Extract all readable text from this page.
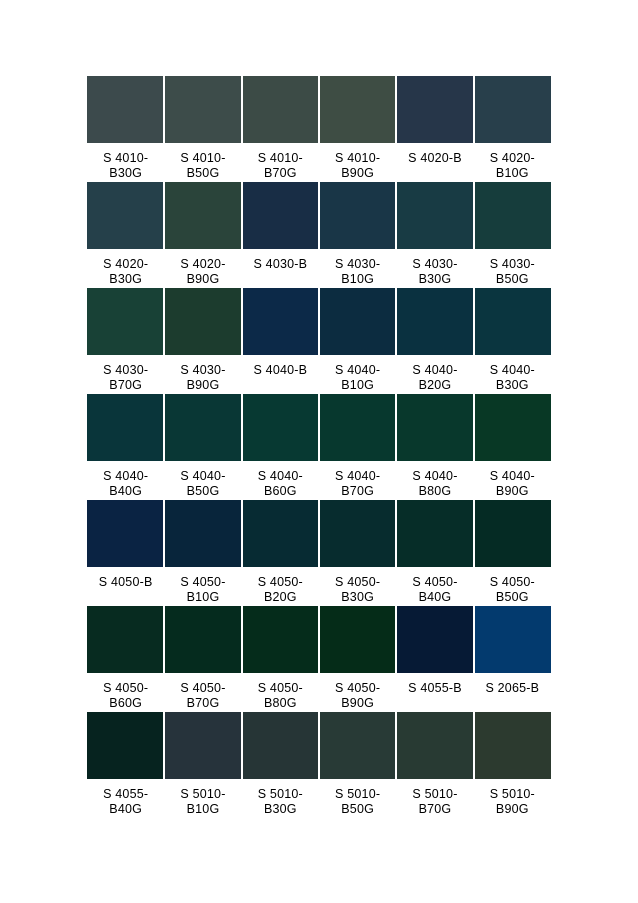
S 4010-
B30G
S 4010-
B50G
S 4010-
B70G
S 4010-
B90G
S 4020-B	S 4020-
B10G
S 4020-
B30G
S 4020-
B90G
S 4030-B	S 4030-
B10G
S 4030-
B30G
S 4030-
B50G
S 4030-
B70G
S 4030-
B90G
S 4040-B	S 4040-
B10G
S 4040-
B20G
S 4040-
B30G
S 4040-
B40G
S 4040-
B50G
S 4040-
B60G
S 4040-
B70G
S 4040-
B80G
S 4040-
B90G
S 4050-B	S 4050-
B10G
S 4050-
B20G
S 4050-
B30G
S 4050-
B40G
S 4050-
B50G
S 4050-
B60G
S 4050-
B70G
S 4050-
B80G
S 4050-
B90G
S 4055-B	S 2065-B
S 4055-
B40G
S 5010-
B10G
S 5010-
B30G
S 5010-
B50G
S 5010-
B70G
S 5010-
B90G
